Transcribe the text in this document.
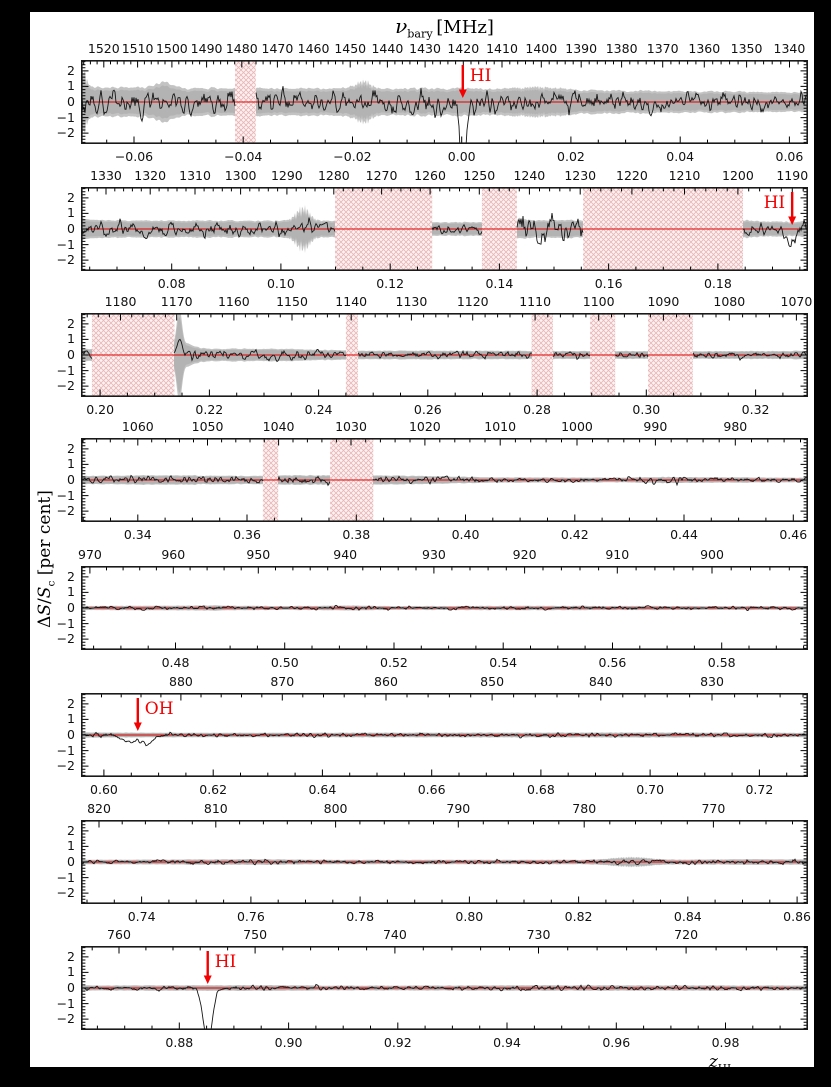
$\nu_{bary}$  [MHz]
$\Delta S/S_c$ [per cent]
$z_{HI}$
1520 1510 1500 1490 1480 1470 1460 1450 1440 1430 1420 1410 1400 1390 1380 1370 1360 1350 1340
−0.06	−0.04	−0.02	0.00	0.02	0.04	0.06
2
1
0
−1
−2
HI
1330 1320 1310 1300 1290 1280 1270 1260 1250 1240 1230 1220 1210 1200 1190
0.08	0.10	0.12	0.14	0.16	0.18
2
1
0
−1
−2
HI
1180 1170 1160 1150 1140 1130 1120 1110	1100	1090	1080	1070
0.20	0.22	0.24	0.26	0.28	0.30	0.32
2
1
0
−1
−2
1060	1050	1040	1030	1020	1010	1000	990	980
0.34	0.36	0.38	0.40	0.42	0.44	0.46
2
1
0
−1
−2
970	960	950	940	930	920	910	900
0.48	0.50	0.52	0.54	0.56	0.58
2
1
0
−1
−2
880	870	860	850	840	830
0.60	0.62	0.64	0.66	0.68	0.70	0.72
2
1
0
−1
−2
OH
820	810	800	790	780	770
0.74	0.76	0.78	0.80	0.82	0.84	0.86
2
1
0
−1
−2
760	750	740	730	720
0.88	0.90	0.92	0.94	0.96	0.98
2
1
0
−1
−2
HI
